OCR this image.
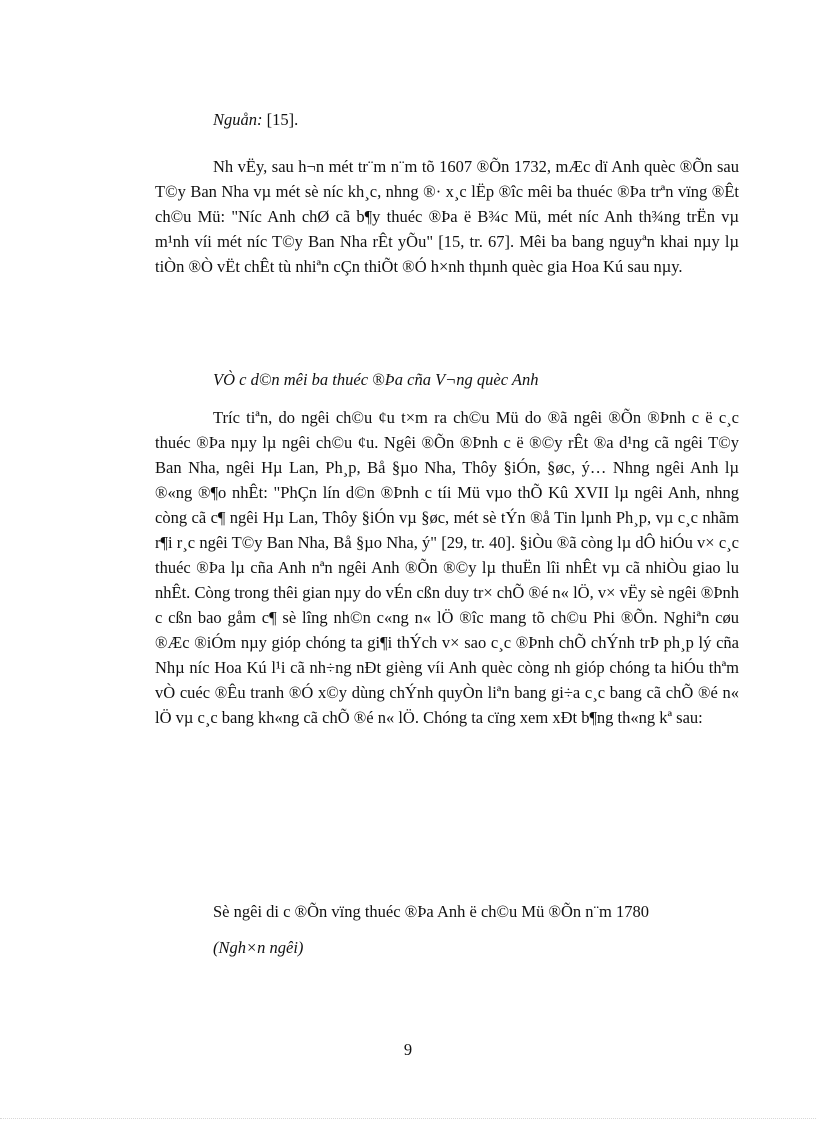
Nguån: [15].

Nh vËy, sau h¬n mét tr¨m n¨m tõ 1607 ®Õn 1732, mÆc dï Anh quèc ®Õn sau T©y Ban Nha vµ mét sè níc kh¸c, nhng ®· x¸c lËp ®îc mêi ba thuéc ®Þa trªn vïng ®Êt ch©u Mü: "Níc Anh chØ cã b¶y thuéc ®Þa ë B¾c Mü, mét níc Anh th¾ng trËn vµ m¹nh víi mét níc T©y Ban Nha rÊt yÕu" [15, tr. 67]. Mêi ba bang nguyªn khai nµy lµ tiÒn ®Ò vËt chÊt tù nhiªn cÇn thiÕt ®Ó h×nh thµnh quèc gia Hoa Kú sau nµy.

VÒ c d©n mêi ba thuéc ®Þa cña V¬ng quèc Anh

Tríc tiªn, do ngêi ch©u ¢u t×m ra ch©u Mü do ®ã ngêi ®Õn ®Þnh c ë c¸c thuéc ®Þa nµy lµ ngêi ch©u ¢u. Ngêi ®Õn ®Þnh c ë ®©y rÊt ®a d¹ng cã ngêi T©y Ban Nha, ngêi Hµ Lan, Ph¸p, Bå §µo Nha, Thôy §iÓn, §øc, ý… Nhng ngêi Anh lµ ®«ng ®¶o nhÊt: "PhÇn lín d©n ®Þnh c tíi Mü vµo thÕ Kû XVII lµ ngêi Anh, nhng còng cã c¶ ngêi Hµ Lan, Thôy §iÓn vµ §øc, mét sè tÝn ®å Tin lµnh Ph¸p, vµ c¸c nhãm r¶i r¸c ngêi T©y Ban Nha, Bå §µo Nha, ý" [29, tr. 40]. §iÒu ®ã còng lµ dÔ hiÓu v× c¸c thuéc ®Þa lµ cña Anh nªn ngêi Anh ®Õn ®©y lµ thuËn lîi nhÊt vµ cã nhiÒu giao lu nhÊt. Còng trong thêi gian nµy do vÉn cßn duy tr× chÕ ®é n« lÖ, v× vËy sè ngêi ®Þnh c cßn bao gåm c¶ sè lîng nh©n c«ng n« lÖ ®îc mang tõ ch©u Phi ®Õn. Nghiªn cøu ®Æc ®iÓm nµy gióp chóng ta gi¶i thÝch v× sao c¸c ®Þnh chÕ chÝnh trÞ ph¸p lý cña Nhµ níc Hoa Kú l¹i cã nh÷ng nÐt gièng víi Anh quèc còng nh gióp chóng ta hiÓu thªm vÒ cuéc ®Êu tranh ®Ó x©y dùng chÝnh quyÒn liªn bang gi÷a c¸c bang cã chÕ ®é n« lÖ vµ c¸c bang kh«ng cã chÕ ®é n« lÖ. Chóng ta cïng xem xÐt b¶ng th«ng kª sau:

Sè ngêi di c ®Õn vïng thuéc ®Þa Anh ë ch©u Mü ®Õn n¨m 1780
(Ngh×n ngêi)
9
